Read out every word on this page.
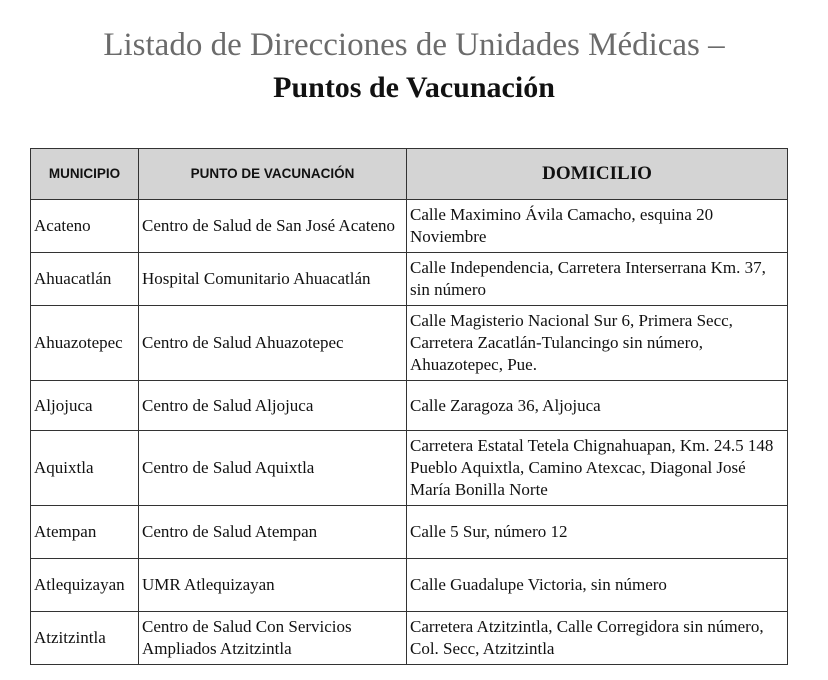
Listado de Direcciones de Unidades Médicas –
Puntos de Vacunación
MUNICIPIO	PUNTO DE VACUNACIÓN	DOMICILIO
Acateno	Centro de Salud de San José Acateno	Calle Maximino Ávila Camacho, esquina 20 Noviembre
Ahuacatlán	Hospital Comunitario Ahuacatlán	Calle Independencia, Carretera Interserrana Km. 37, sin número
Ahuazotepec	Centro de Salud Ahuazotepec	Calle Magisterio Nacional Sur 6, Primera Secc, Carretera Zacatlán-Tulancingo sin número, Ahuazotepec, Pue.
Aljojuca	Centro de Salud Aljojuca	Calle Zaragoza 36, Aljojuca
Aquixtla	Centro de Salud Aquixtla	Carretera Estatal Tetela Chignahuapan, Km. 24.5 148 Pueblo Aquixtla, Camino Atexcac, Diagonal José María Bonilla Norte
Atempan	Centro de Salud Atempan	Calle 5 Sur, número 12
Atlequizayan	UMR Atlequizayan	Calle Guadalupe Victoria, sin número
Atzitzintla	Centro de Salud Con Servicios Ampliados Atzitzintla	Carretera Atzitzintla, Calle Corregidora sin número, Col. Secc, Atzitzintla
